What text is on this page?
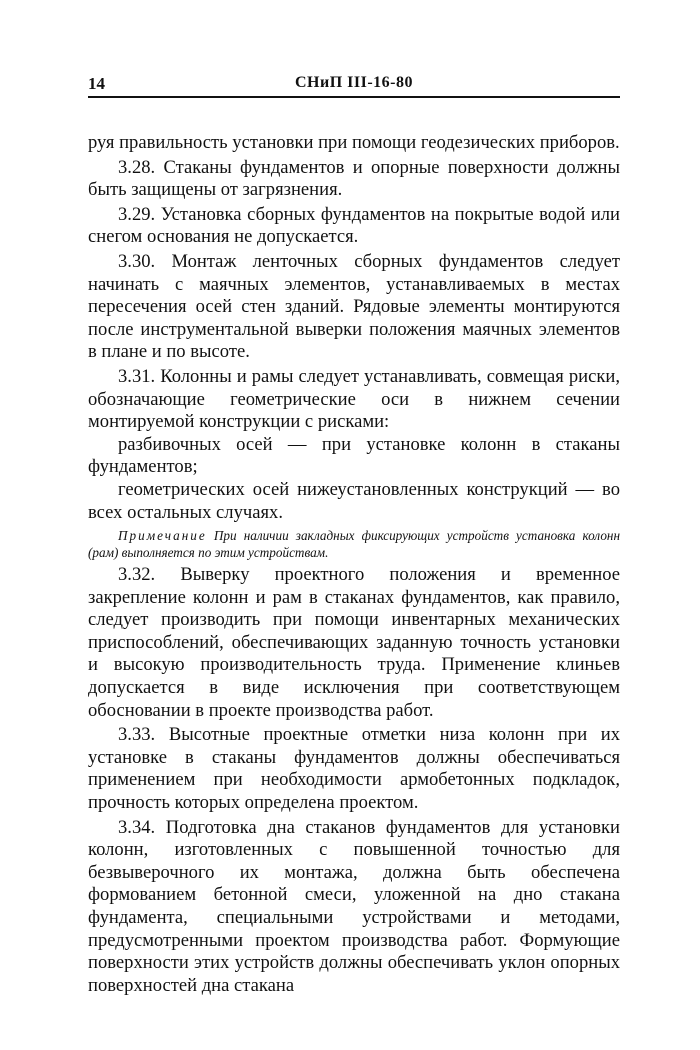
14	СНиП III-16-80

руя правильность установки при помощи геодезических приборов.

3.28. Стаканы фундаментов и опорные поверхности должны быть защищены от загрязнения.

3.29. Установка сборных фундаментов на покрытые водой или снегом основания не допускается.

3.30. Монтаж ленточных сборных фундаментов следует начинать с маячных элементов, устанавливаемых в местах пересечения осей стен зданий. Рядовые элементы монтируются после инструментальной выверки положения маячных элементов в плане и по высоте.

3.31. Колонны и рамы следует устанавливать, совмещая риски, обозначающие геометрические оси в нижнем сечении монтируемой конструкции с рисками:

разбивочных осей — при установке колонн в стаканы фундаментов;

геометрических осей нижеустановленных конструкций — во всех остальных случаях.

Примечание При наличии закладных фиксирующих устройств установка колонн (рам) выполняется по этим устройствам.

3.32. Выверку проектного положения и временное закрепление колонн и рам в стаканах фундаментов, как правило, следует производить при помощи инвентарных механических приспособлений, обеспечивающих заданную точность установки и высокую производительность труда. Применение клиньев допускается в виде исключения при соответствующем обосновании в проекте производства работ.

3.33. Высотные проектные отметки низа колонн при их установке в стаканы фундаментов должны обеспечиваться применением при необходимости армобетонных подкладок, прочность которых определена проектом.

3.34. Подготовка дна стаканов фундаментов для установки колонн, изготовленных с повышенной точностью для безвыверочного их монтажа, должна быть обеспечена формованием бетонной смеси, уложенной на дно стакана фундамента, специальными устройствами и методами, предусмотренными проектом производства работ. Формующие поверхности этих устройств должны обеспечивать уклон опорных поверхностей дна стакана
